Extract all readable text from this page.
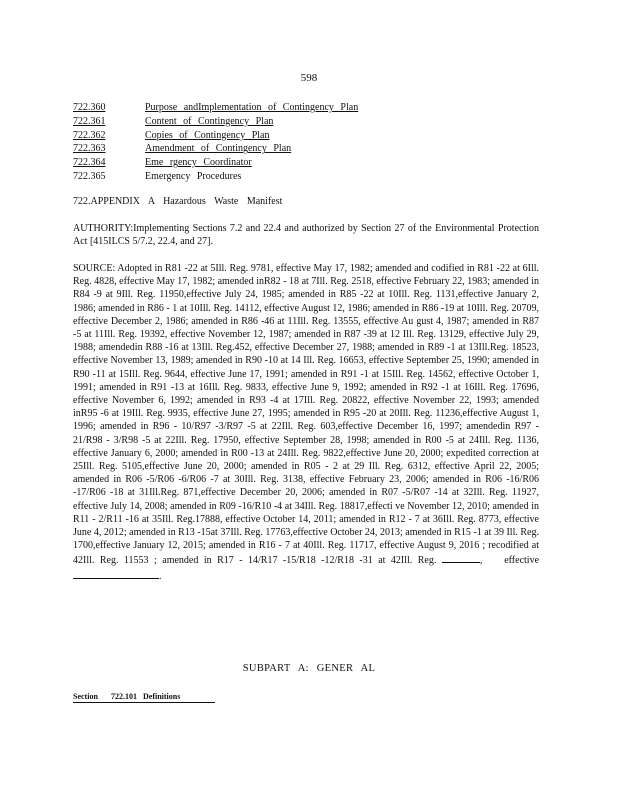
598
722.360	Purpose andImplementation of Contingency Plan
722.361	Content of Contingency Plan
722.362	Copies of Contingency Plan
722.363	Amendment of Contingency Plan
722.364	Eme rgency Coordinator
722.365	Emergency Procedures
722.APPENDIX A Hazardous Waste Manifest
AUTHORITY:Implementing Sections 7.2 and 22.4 and authorized by Section 27 of the Environmental Protection Act [415ILCS 5/7.2, 22.4, and 27].
SOURCE: Adopted in R81 -22 at 5Ill. Reg. 9781, effective May 17, 1982; amended and codified in R81 -22 at 6Ill. Reg. 4828, effective May 17, 1982; amended inR82 - 18 at 7Ill. Reg. 2518, effective February 22, 1983; amended in R84 -9 at 9Ill. Reg. 11950,effective July 24, 1985; amended in R85 -22 at 10Ill. Reg. 1131,effective January 2, 1986; amended in R86 - 1 at 10Ill. Reg. 14112, effective August 12, 1986; amended in R86 -19 at 10Ill. Reg. 20709, effective December 2, 1986; amended in R86 -46 at 11Ill. Reg. 13555, effective Au gust 4, 1987; amended in R87 -5 at 11Ill. Reg. 19392, effective November 12, 1987; amended in R87 -39 at 12 Ill. Reg. 13129, effective July 29, 1988; amendedin R88 -16 at 13Ill. Reg.452, effective December 27, 1988; amended in R89 -1 at 13Ill.Reg. 18523, effective November 13, 1989; amended in R90 -10 at 14 Ill. Reg. 16653, effective September 25, 1990; amended in R90 -11 at 15Ill. Reg. 9644, effective June 17, 1991; amended in R91 -1 at 15Ill. Reg. 14562, effective October 1, 1991; amended in R91 -13 at 16Ill. Reg. 9833, effective June 9, 1992; amended in R92 -1 at 16Ill. Reg. 17696, effective November 6, 1992; amended in R93 -4 at 17Ill. Reg. 20822, effective November 22, 1993; amended inR95 -6 at 19Ill. Reg. 9935, effective June 27, 1995; amended in R95 -20 at 20Ill. Reg. 11236,effective August 1, 1996; amended in R96 - 10/R97 -3/R97 -5 at 22Ill. Reg. 603,effective December 16, 1997; amendedin R97 - 21/R98 - 3/R98 -5 at 22Ill. Reg. 17950, effective September 28, 1998; amended in R00 -5 at 24Ill. Reg. 1136, effective January 6, 2000; amended in R00 -13 at 24Ill. Reg. 9822,effective June 20, 2000; expedited correction at 25Ill. Reg. 5105,effective June 20, 2000; amended in R05 - 2 at 29 Ill. Reg. 6312, effective April 22, 2005; amended in R06 -5/R06 -6/R06 -7 at 30Ill. Reg. 3138, effective February 23, 2006; amended in R06 -16/R06 -17/R06 -18 at 31Ill.Reg. 871,effective December 20, 2006; amended in R07 -5/R07 -14 at 32Ill. Reg. 11927, effective July 14, 2008; amended in R09 -16/R10 -4 at 34Ill. Reg. 18817,effecti ve November 12, 2010; amended in R11 - 2/R11 -16 at 35Ill. Reg.17888, effective October 14, 2011; amended in R12 - 7 at 36Ill. Reg. 8773, effective June 4, 2012; amended in R13 -15at 37Ill. Reg. 17763,effective October 24, 2013; amended in R15 -1 at 39 Ill. Reg. 1700,effective January 12, 2015; amended in R16 - 7 at 40Ill. Reg. 11717, effective August 9, 2016 ; recodified at 42Ill. Reg. 11553 ; amended in R17 - 14/R17 -15/R18 -12/R18 -31 at 42Ill. Reg.	, effective .
SUBPART A: GENER AL
Section 722.101 Definitions
